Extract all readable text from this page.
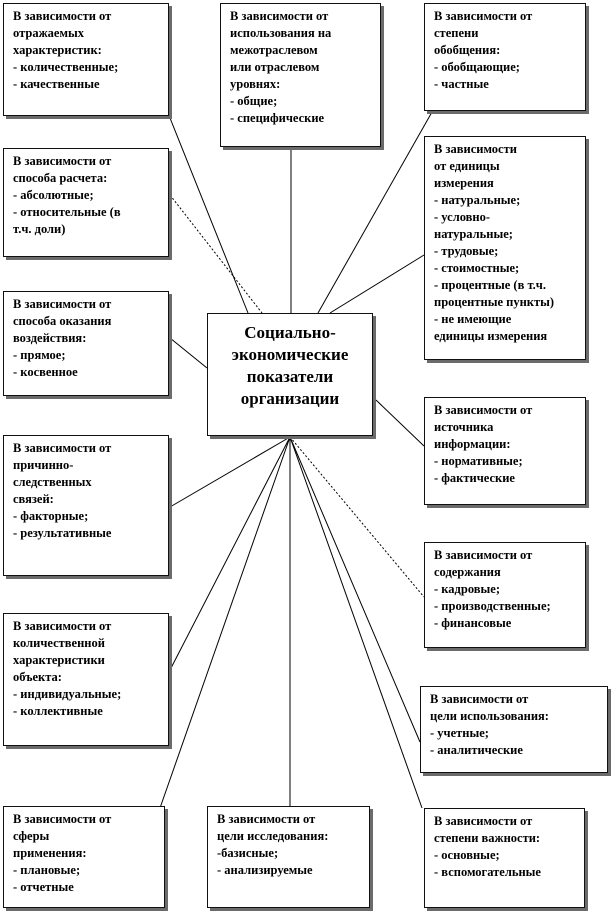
Социально-
экономические
показатели
организации
В зависимости от
отражаемых
характеристик:
- количественные;
- качественные
В зависимости от
использования на
межотраслевом
или отраслевом
уровнях:
- общие;
- специфические
В зависимости от
степени
обобщения:
- обобщающие;
- частные
В зависимости от
способа расчета:
- абсолютные;
- относительные (в
т.ч. доли)
В зависимости
от единицы
измерения
- натуральные;
- условно-
натуральные;
- трудовые;
- стоимостные;
- процентные (в т.ч.
процентные пункты)
- не имеющие
единицы измерения
В зависимости от
способа оказания
воздействия:
- прямое;
- косвенное
В зависимости от
источника
информации:
- нормативные;
- фактические
В зависимости от
причинно-
следственных
связей:
- факторные;
- результативные
В зависимости от
содержания
- кадровые;
- производственные;
- финансовые
В зависимости от
количественной
характеристики
объекта:
- индивидуальные;
- коллективные
В зависимости от
цели использования:
- учетные;
- аналитические
В зависимости от
сферы
применения:
- плановые;
- отчетные
В зависимости от
цели исследования:
-базисные;
- анализируемые
В зависимости от
степени важности:
- основные;
- вспомогательные
